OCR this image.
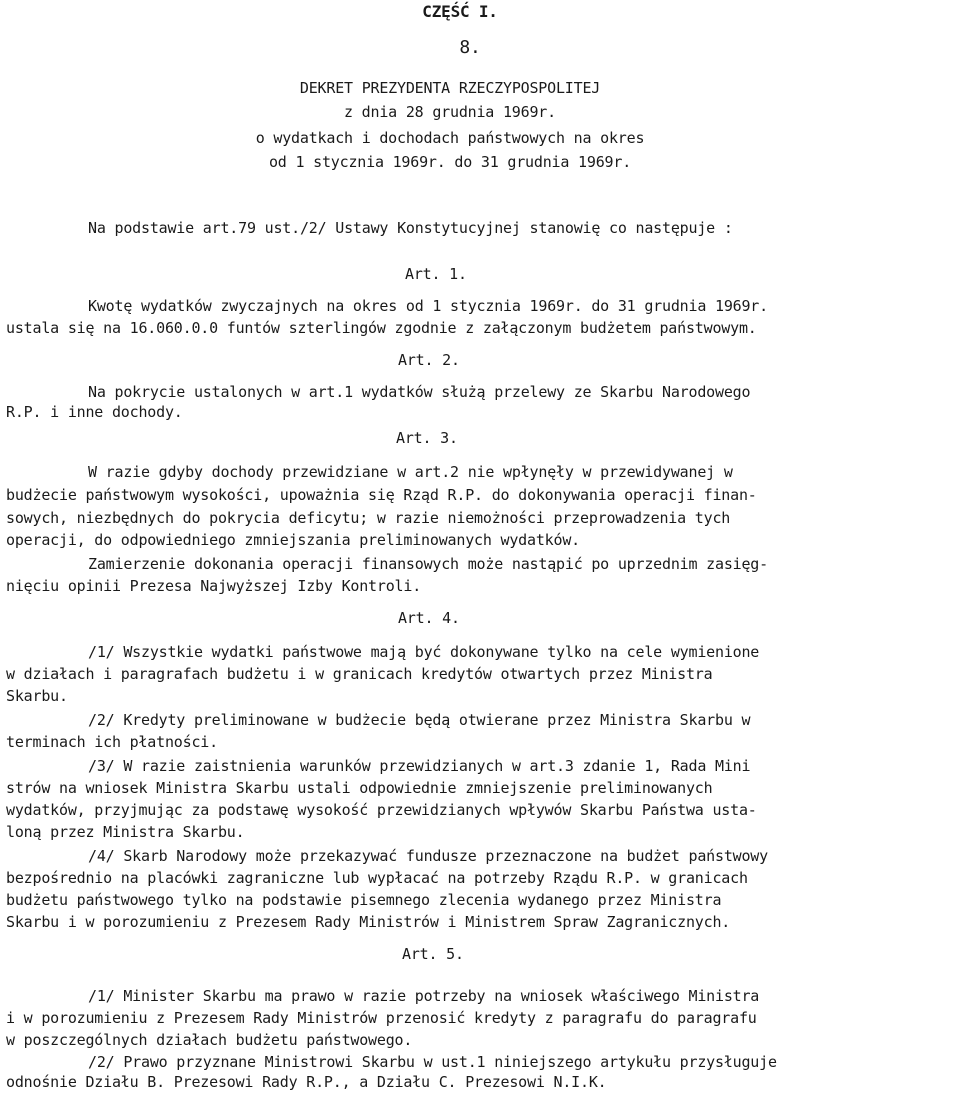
CZĘŚĆ I.
8.
DEKRET PREZYDENTA RZECZYPOSPOLITEJ
z dnia 28 grudnia 1969r.
o wydatkach i dochodach państwowych na okres
od 1 stycznia 1969r. do 31 grudnia 1969r.
Na podstawie art.79 ust./2/ Ustawy Konstytucyjnej stanowię co następuje :
Art. 1.
Kwotę wydatków zwyczajnych na okres od 1 stycznia 1969r. do 31 grudnia 1969r.
ustala się na 16.060.0.0 funtów szterlingów zgodnie z załączonym budżetem państwowym.
Art. 2.
Na pokrycie ustalonych w art.1 wydatków służą przelewy ze Skarbu Narodowego
R.P. i inne dochody.
Art. 3.
W razie gdyby dochody przewidziane w art.2 nie wpłynęły w przewidywanej w
budżecie państwowym wysokości, upoważnia się Rząd R.P. do dokonywania operacji finan-
sowych, niezbędnych do pokrycia deficytu; w razie niemożności przeprowadzenia tych
operacji, do odpowiedniego zmniejszania preliminowanych wydatków.
Zamierzenie dokonania operacji finansowych może nastąpić po uprzednim zasięg-
nięciu opinii Prezesa Najwyższej Izby Kontroli.
Art. 4.
/1/ Wszystkie wydatki państwowe mają być dokonywane tylko na cele wymienione
w działach i paragrafach budżetu i w granicach kredytów otwartych przez Ministra
Skarbu.
/2/ Kredyty preliminowane w budżecie będą otwierane przez Ministra Skarbu w
terminach ich płatności.
/3/ W razie zaistnienia warunków przewidzianych w art.3 zdanie 1, Rada Mini
strów na wniosek Ministra Skarbu ustali odpowiednie zmniejszenie preliminowanych
wydatków, przyjmując za podstawę wysokość przewidzianych wpływów Skarbu Państwa usta-
loną przez Ministra Skarbu.
/4/ Skarb Narodowy może przekazywać fundusze przeznaczone na budżet państwowy
bezpośrednio na placówki zagraniczne lub wypłacać na potrzeby Rządu R.P. w granicach
budżetu państwowego tylko na podstawie pisemnego zlecenia wydanego przez Ministra
Skarbu i w porozumieniu z Prezesem Rady Ministrów i Ministrem Spraw Zagranicznych.
Art. 5.
/1/ Minister Skarbu ma prawo w razie potrzeby na wniosek właściwego Ministra
i w porozumieniu z Prezesem Rady Ministrów przenosić kredyty z paragrafu do paragrafu
w poszczególnych działach budżetu państwowego.
/2/ Prawo przyznane Ministrowi Skarbu w ust.1 niniejszego artykułu przysługuje
odnośnie Działu B. Prezesowi Rady R.P., a Działu C. Prezesowi N.I.K.
